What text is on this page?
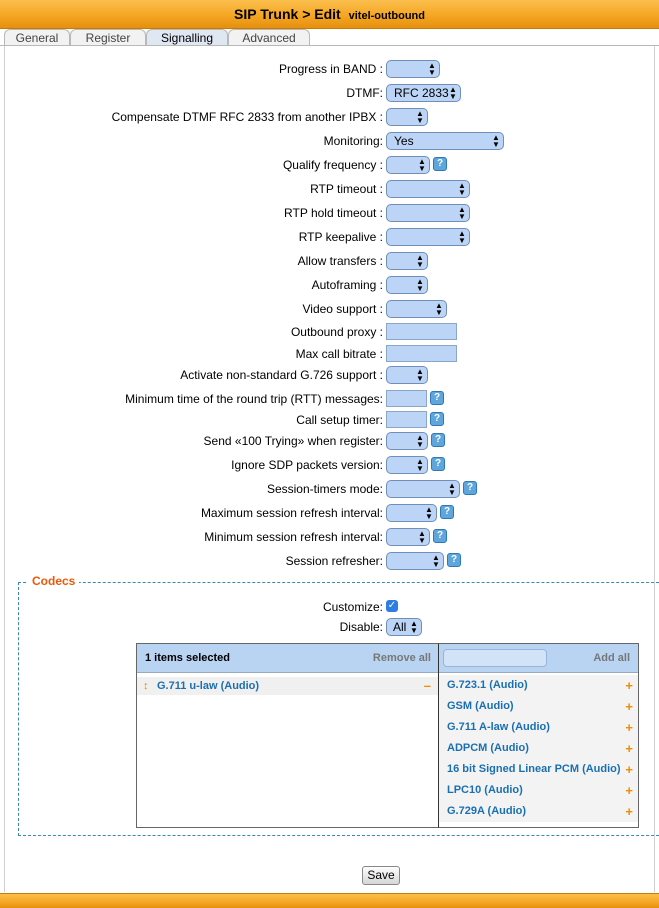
SIP Trunk > Edit vitel-outbound
General	Register	Signalling	Advanced
Progress in BAND :	▲
▼
DTMF: RFC 2833 ▲
▼
Compensate DTMF RFC 2833 from another IPBX :	▲
▼
Monitoring: Yes	▲
▼
Qualify frequency :	▲
▼	?
RTP timeout :	▲
▼
RTP hold timeout :	▲
▼
RTP keepalive :	▲
▼
Allow transfers :	▲
▼
Autoframing :	▲
▼
Video support :	▲
▼
Outbound proxy :
Max call bitrate :
Activate non-standard G.726 support :	▲
▼
Minimum time of the round trip (RTT) messages:	?
Call setup timer:	?
Send «100 Trying» when register:	▲
▼	?
Ignore SDP packets version:	▲
▼	?
Session-timers mode:	▲
▼	?
Maximum session refresh interval:	▲
▼	?
Minimum session refresh interval:	▲
▼	?
Session refresher:	▲
▼	?
Codecs
Customize: ✓
Disable: All ▲
▼
1 items selected	Remove all
↕ G.711 u-law (Audio)	–
Add all
G.723.1 (Audio)	+
GSM (Audio)	+
G.711 A-law (Audio)	+
ADPCM (Audio)	+
16 bit Signed Linear PCM (Audio) +
LPC10 (Audio)	+
G.729A (Audio)	+
Save
